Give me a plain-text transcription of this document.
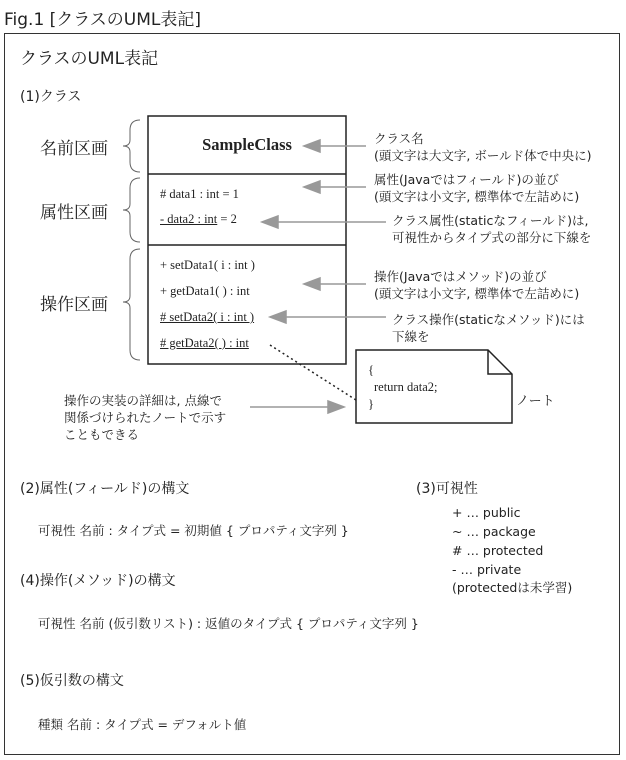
Fig.1 [クラスのUML表記]
クラスのUML表記
(1)クラス
名前区画
属性区画
操作区画
SampleClass
# data1 : int = 1
- data2 : int = 2
+ setData1( i : int )
+ getData1( ) : int
# setData2( i : int )
# getData2( ) : int
クラス名
(頭文字は大文字, ボールド体で中央に)
属性(Javaではフィールド)の並び
(頭文字は小文字, 標準体で左詰めに)
クラス属性(staticなフィールド)は,
可視性からタイプ式の部分に下線を
操作(Javaではメソッド)の並び
(頭文字は小文字, 標準体で左詰めに)
クラス操作(staticなメソッド)には
下線を
操作の実装の詳細は, 点線で
関係づけられたノートで示す
こともできる
{
return data2;
}	ノート
(2)属性(フィールド)の構文
可視性 名前 : タイプ式 = 初期値 { プロパティ文字列 }
(3)可視性
+ … public
~ … package
# … protected
- … private
(protectedは未学習)
(4)操作(メソッド)の構文
可視性 名前 (仮引数リスト) : 返値のタイプ式 { プロパティ文字列 }
(5)仮引数の構文
種類 名前 : タイプ式 = デフォルト値
